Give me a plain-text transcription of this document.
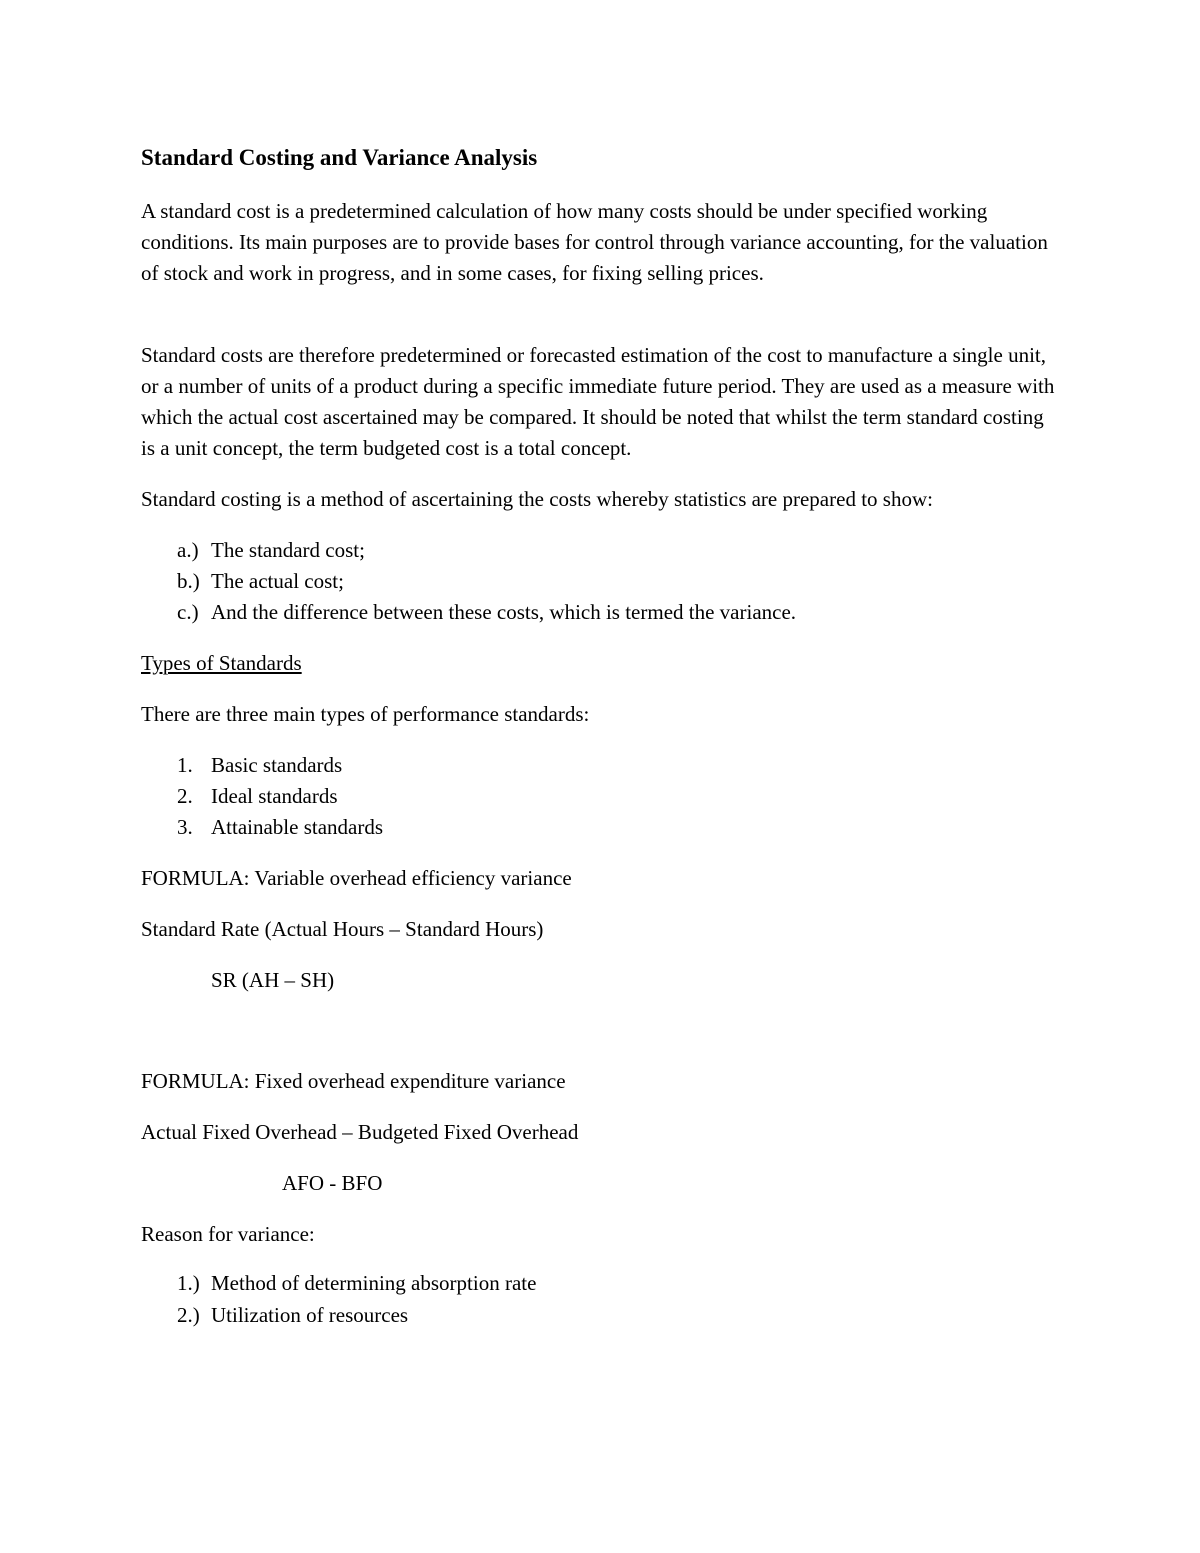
Standard Costing and Variance Analysis

A standard cost is a predetermined calculation of how many costs should be under specified working conditions. Its main purposes are to provide bases for control through variance accounting, for the valuation of stock and work in progress, and in some cases, for fixing selling prices.

Standard costs are therefore predetermined or forecasted estimation of the cost to manufacture a single unit, or a number of units of a product during a specific immediate future period. They are used as a measure with which the actual cost ascertained may be compared. It should be noted that whilst the term standard costing is a unit concept, the term budgeted cost is a total concept.

Standard costing is a method of ascertaining the costs whereby statistics are prepared to show:

a.) The standard cost;
b.) The actual cost;
c.) And the difference between these costs, which is termed the variance.
Types of Standards
There are three main types of performance standards:
1. Basic standards
2. Ideal standards
3. Attainable standards
FORMULA: Variable overhead efficiency variance
Standard Rate (Actual Hours – Standard Hours)
SR (AH – SH)
FORMULA: Fixed overhead expenditure variance
Actual Fixed Overhead – Budgeted Fixed Overhead
AFO - BFO
Reason for variance:
1.) Method of determining absorption rate
2.) Utilization of resources
